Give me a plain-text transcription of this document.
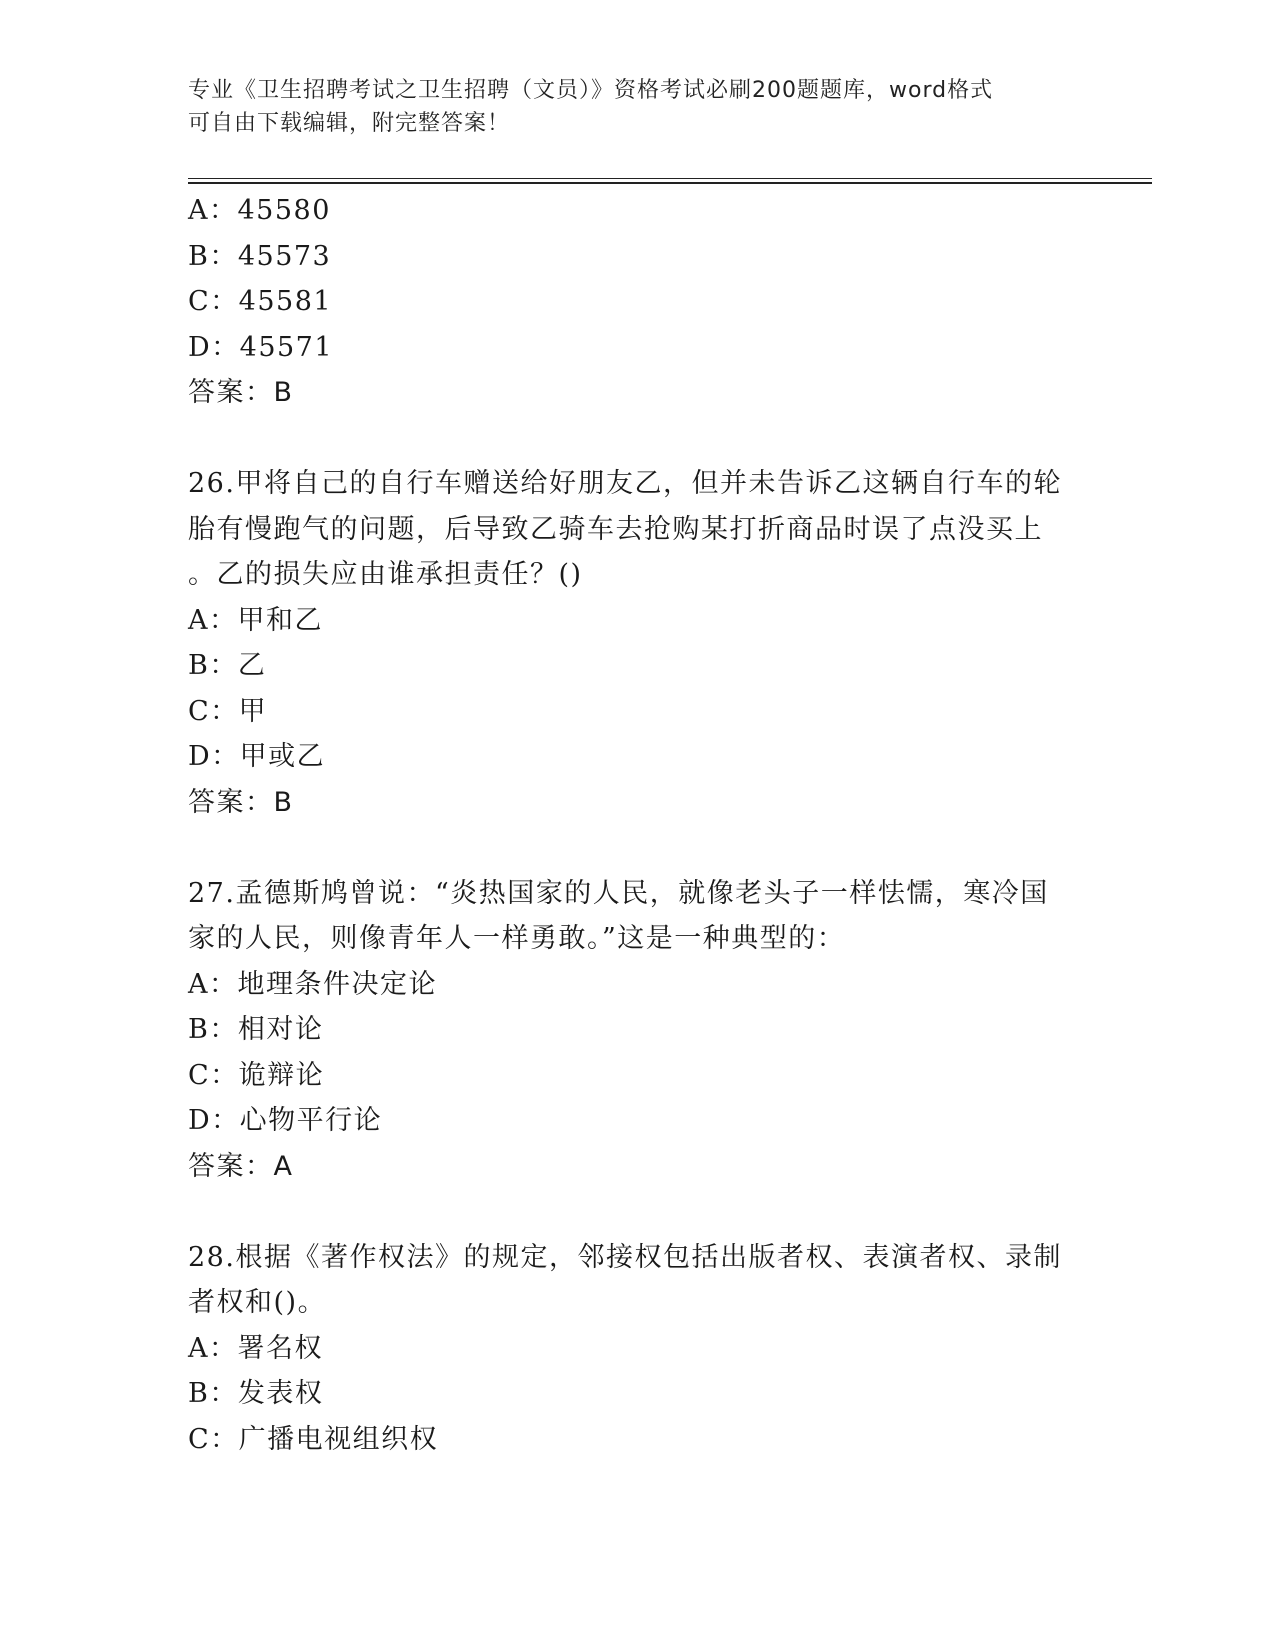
专业《卫生招聘考试之卫生招聘（文员）》资格考试必刷200题题库，word格式
可自由下载编辑，附完整答案！
A：45580
B：45573
C：45581
D：45571
答案：B
26.甲将自己的自行车赠送给好朋友乙，但并未告诉乙这辆自行车的轮
胎有慢跑气的问题，后导致乙骑车去抢购某打折商品时误了点没买上
。乙的损失应由谁承担责任？()
A：甲和乙
B：乙
C：甲
D：甲或乙
答案：B
27.孟德斯鸠曾说：“炎热国家的人民，就像老头子一样怯懦，寒冷国
家的人民，则像青年人一样勇敢。”这是一种典型的：
A：地理条件决定论
B：相对论
C：诡辩论
D：心物平行论
答案：A
28.根据《著作权法》的规定，邻接权包括出版者权、表演者权、录制
者权和()。
A：署名权
B：发表权
C：广播电视组织权
